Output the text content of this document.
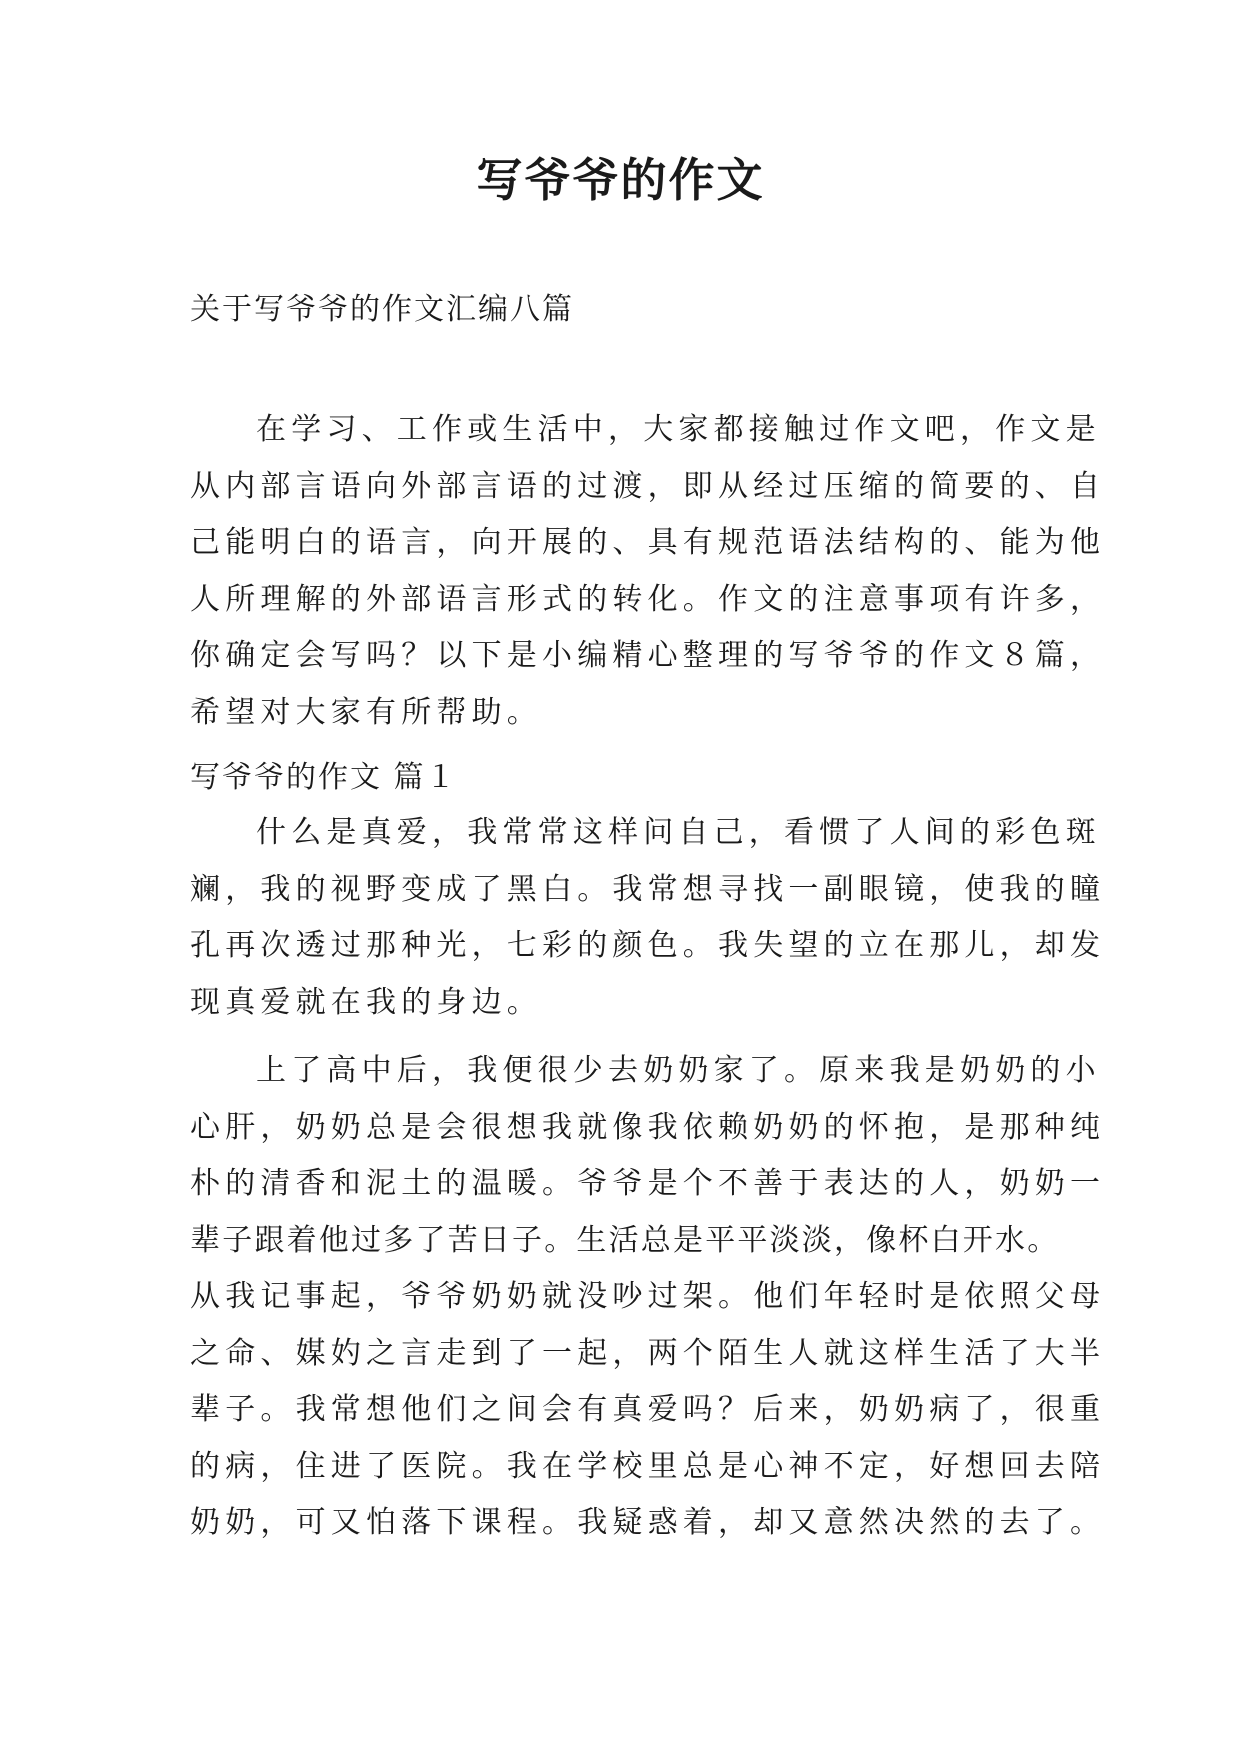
写爷爷的作文

关于写爷爷的作文汇编八篇

在学习、工作或生活中，大家都接触过作文吧，作文是
从内部言语向外部言语的过渡，即从经过压缩的简要的、自
己能明白的语言，向开展的、具有规范语法结构的、能为他
人所理解的外部语言形式的转化。作文的注意事项有许多，
你确定会写吗？以下是小编精心整理的写爷爷的作文８篇，
希望对大家有所帮助。
写爷爷的作文 篇１
什么是真爱，我常常这样问自己，看惯了人间的彩色斑
斓，我的视野变成了黑白。我常想寻找一副眼镜，使我的瞳
孔再次透过那种光，七彩的颜色。我失望的立在那儿，却发
现真爱就在我的身边。
上了高中后，我便很少去奶奶家了。原来我是奶奶的小
心肝，奶奶总是会很想我就像我依赖奶奶的怀抱，是那种纯
朴的清香和泥土的温暖。爷爷是个不善于表达的人，奶奶一
辈子跟着他过多了苦日子。生活总是平平淡淡，像杯白开水。
从我记事起，爷爷奶奶就没吵过架。他们年轻时是依照父母
之命、媒妁之言走到了一起，两个陌生人就这样生活了大半
辈子。我常想他们之间会有真爱吗？后来，奶奶病了，很重
的病，住进了医院。我在学校里总是心神不定，好想回去陪
奶奶，可又怕落下课程。我疑惑着，却又意然决然的去了。
